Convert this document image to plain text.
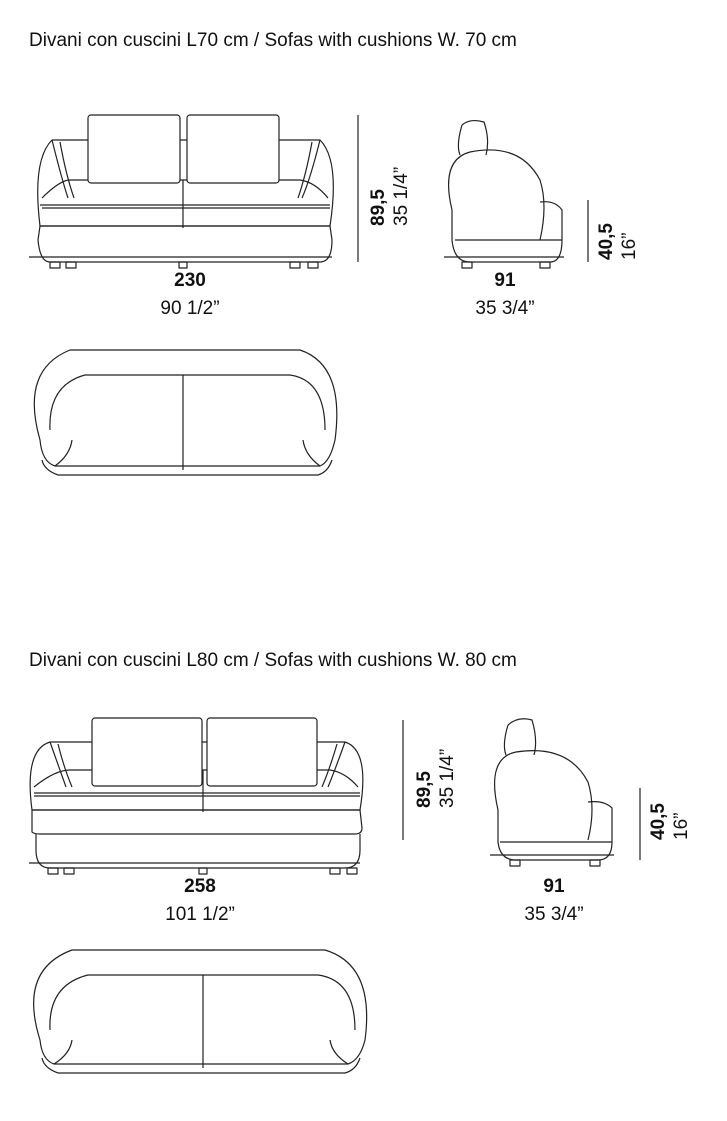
Divani con cuscini L70 cm / Sofas with cushions W. 70 cm
230
90 1/2”
91
35 3/4”
89,5 35 1/4”
40,5 16”
Divani con cuscini L80 cm / Sofas with cushions W. 80 cm
258
101 1/2”
91
35 3/4”
89,5 35 1/4”
40,5 16”
